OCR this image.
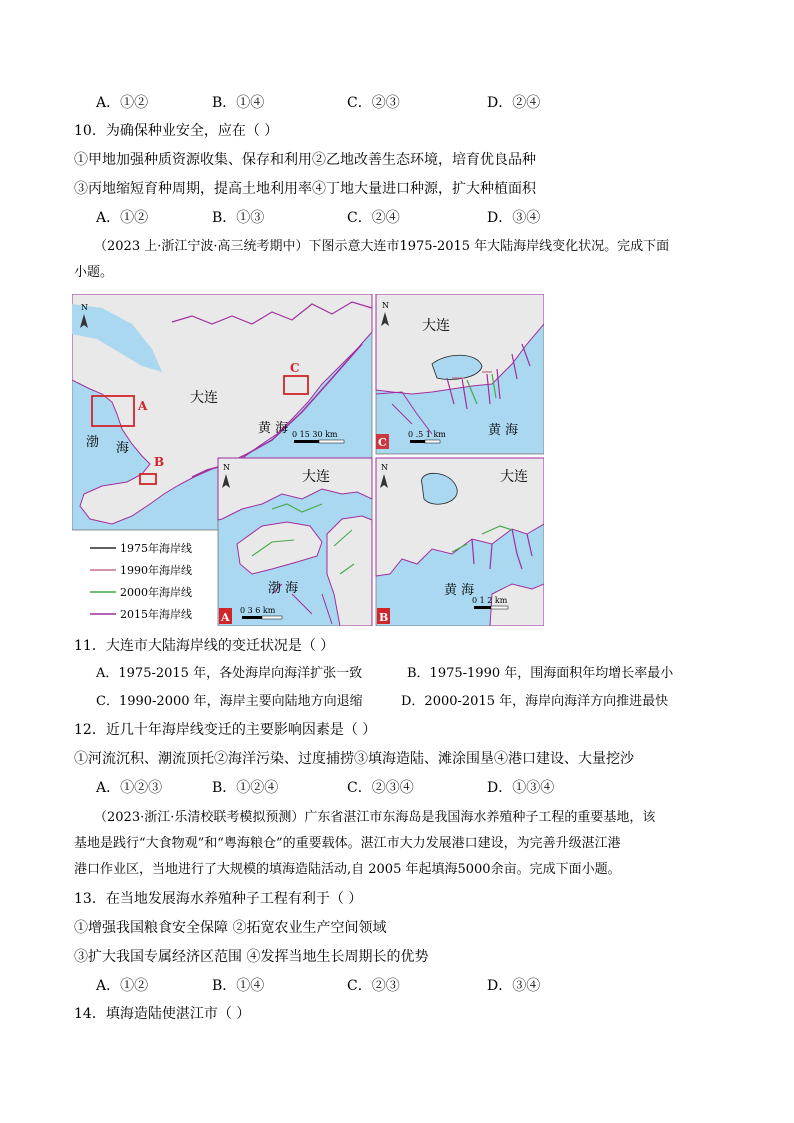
A．①②	B．①④	C．②③	D．②④
10．为确保种业安全，应在（ ）
①甲地加强种质资源收集、保存和利用②乙地改善生态环境，培育优良品种
③丙地缩短育种周期，提高土地利用率④丁地大量进口种源，扩大种植面积
A．①②	B．①③	C．②④	D．③④
（2023 上·浙江宁波·高三统考期中）下图示意大连市1975-2015 年大陆海岸线变化状况。完成下面
小题。
大连
黄 海
渤 海
A
B
C
N
0 15 30 km
大连
黄 海
C
N
0 .5 1 km
大连
渤 海
A
N
0 3 6 km
大连
黄 海
B
N
0 1 2 km
1975年海岸线
1990年海岸线
2000年海岸线
2015年海岸线
11．大连市大陆海岸线的变迁状况是（ ）
A．1975-2015 年，各处海岸向海洋扩张一致	B．1975-1990 年，围海面积年均增长率最小
C．1990-2000 年，海岸主要向陆地方向退缩	D．2000-2015 年，海岸向海洋方向推进最快
12．近几十年海岸线变迁的主要影响因素是（ ）
①河流沉积、潮流顶托②海洋污染、过度捕捞③填海造陆、滩涂围垦④港口建设、大量挖沙
A．①②③	B．①②④	C．②③④	D．①③④
（2023·浙江·乐清校联考模拟预测）广东省湛江市东海岛是我国海水养殖种子工程的重要基地，该
基地是践行“大食物观”和“粤海粮仓”的重要载体。湛江市大力发展港口建设，为完善升级湛江港
港口作业区，当地进行了大规模的填海造陆活动,自 2005 年起填海5000余亩。完成下面小题。
13．在当地发展海水养殖种子工程有利于（ ）
①增强我国粮食安全保障 ②拓宽农业生产空间领域
③扩大我国专属经济区范围 ④发挥当地生长周期长的优势
A．①②	B．①④	C．②③	D．③④
14．填海造陆使湛江市（ ）
